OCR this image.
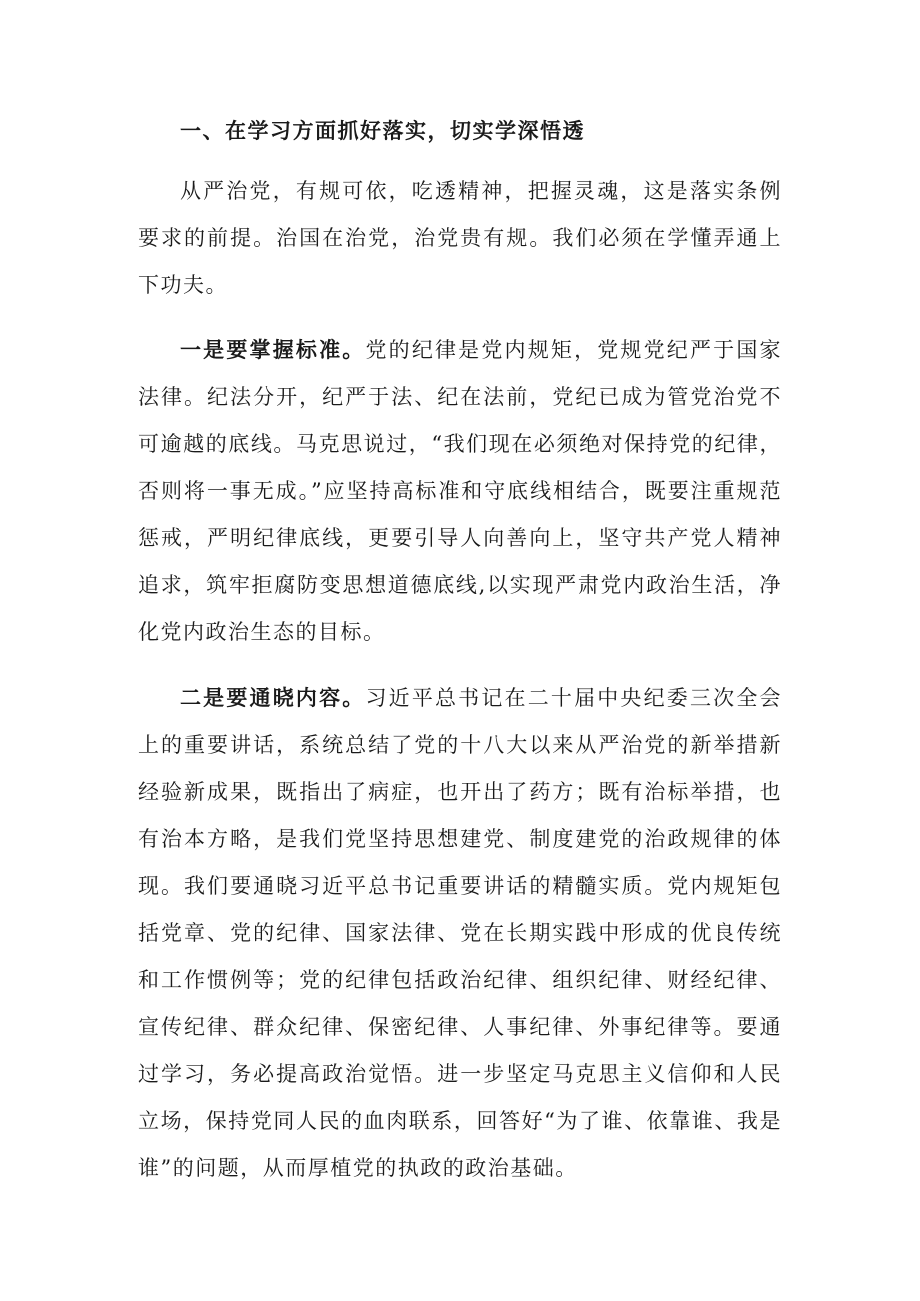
一、在学习方面抓好落实，切实学深悟透

从严治党，有规可依，吃透精神，把握灵魂，这是落实条例要求的前提。治国在治党，治党贵有规。我们必须在学懂弄通上下功夫。

一是要掌握标准。党的纪律是党内规矩，党规党纪严于国家法律。纪法分开，纪严于法、纪在法前，党纪已成为管党治党不可逾越的底线。马克思说过，“我们现在必须绝对保持党的纪律，否则将一事无成。”应坚持高标准和守底线相结合，既要注重规范惩戒，严明纪律底线，更要引导人向善向上，坚守共产党人精神追求，筑牢拒腐防变思想道德底线,以实现严肃党内政治生活，净化党内政治生态的目标。

二是要通晓内容。习近平总书记在二十届中央纪委三次全会上的重要讲话，系统总结了党的十八大以来从严治党的新举措新经验新成果，既指出了病症，也开出了药方；既有治标举措，也有治本方略，是我们党坚持思想建党、制度建党的治政规律的体现。我们要通晓习近平总书记重要讲话的精髓实质。党内规矩包括党章、党的纪律、国家法律、党在长期实践中形成的优良传统和工作惯例等；党的纪律包括政治纪律、组织纪律、财经纪律、宣传纪律、群众纪律、保密纪律、人事纪律、外事纪律等。要通过学习，务必提高政治觉悟。进一步坚定马克思主义信仰和人民立场，保持党同人民的血肉联系，回答好“为了谁、依靠谁、我是谁”的问题，从而厚植党的执政的政治基础。
